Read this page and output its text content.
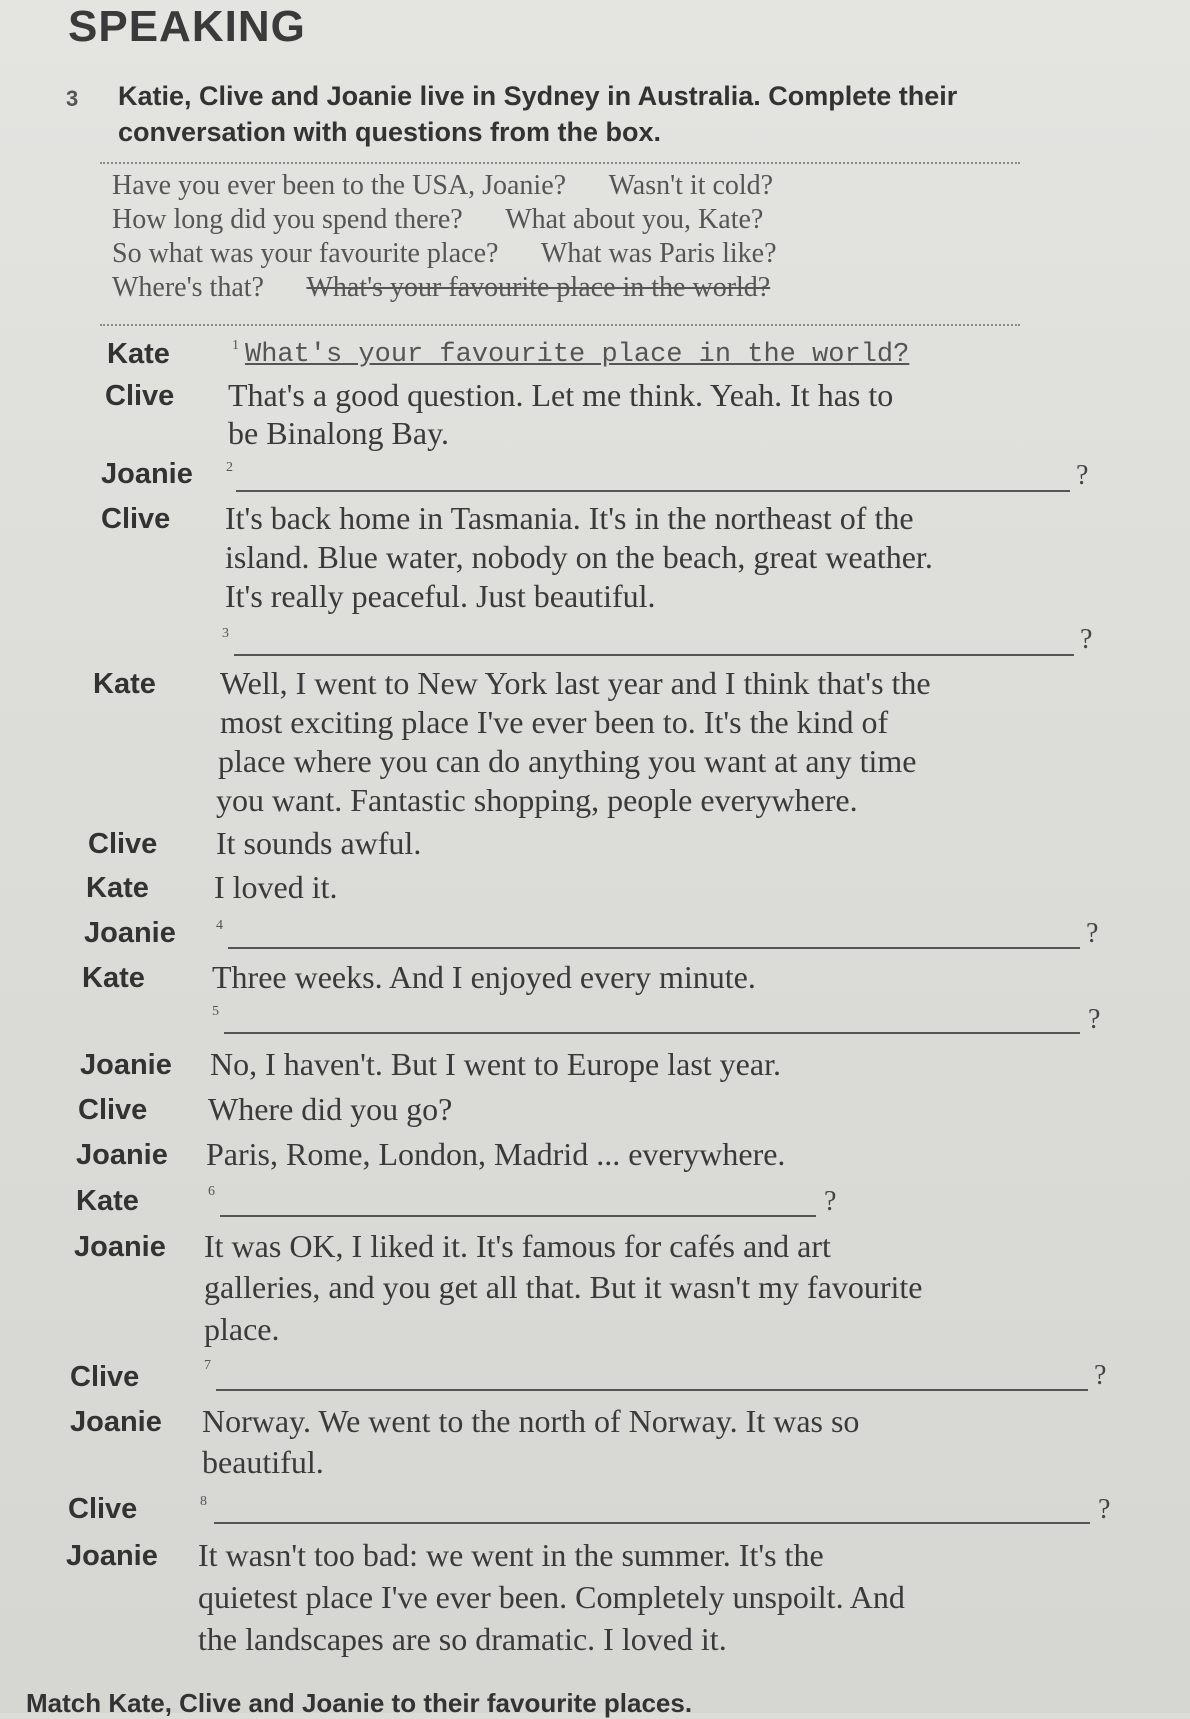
SPEAKING
3 Katie, Clive and Joanie live in Sydney in Australia. Complete their
conversation with questions from the box.
Have you ever been to the USA, Joanie? Wasn't it cold?
How long did you spend there? What about you, Kate?
So what was your favourite place? What was Paris like?
Where's that? What's your favourite place in the world?
Kate	1 What's your favourite place in the world?
Clive That's a good question. Let me think. Yeah. It has to
be Binalong Bay.
Joanie 2	?
Clive It's back home in Tasmania. It's in the northeast of the
island. Blue water, nobody on the beach, great weather.
It's really peaceful. Just beautiful.
3	?
Kate Well, I went to New York last year and I think that's the
most exciting place I've ever been to. It's the kind of
place where you can do anything you want at any time
you want. Fantastic shopping, people everywhere.
Clive It sounds awful.
Kate I loved it.
Joanie	4	?
Kate Three weeks. And I enjoyed every minute.
5	?
Joanie No, I haven't. But I went to Europe last year.
Clive Where did you go?
Joanie Paris, Rome, London, Madrid ... everywhere.
Kate	6	?
Joanie It was OK, I liked it. It's famous for cafés and art
galleries, and you get all that. But it wasn't my favourite
place.
Clive	7	?
Joanie Norway. We went to the north of Norway. It was so
beautiful.
Clive	8	?
Joanie It wasn't too bad: we went in the summer. It's the
quietest place I've ever been. Completely unspoilt. And
the landscapes are so dramatic. I loved it.
Match Kate, Clive and Joanie to their favourite places.
